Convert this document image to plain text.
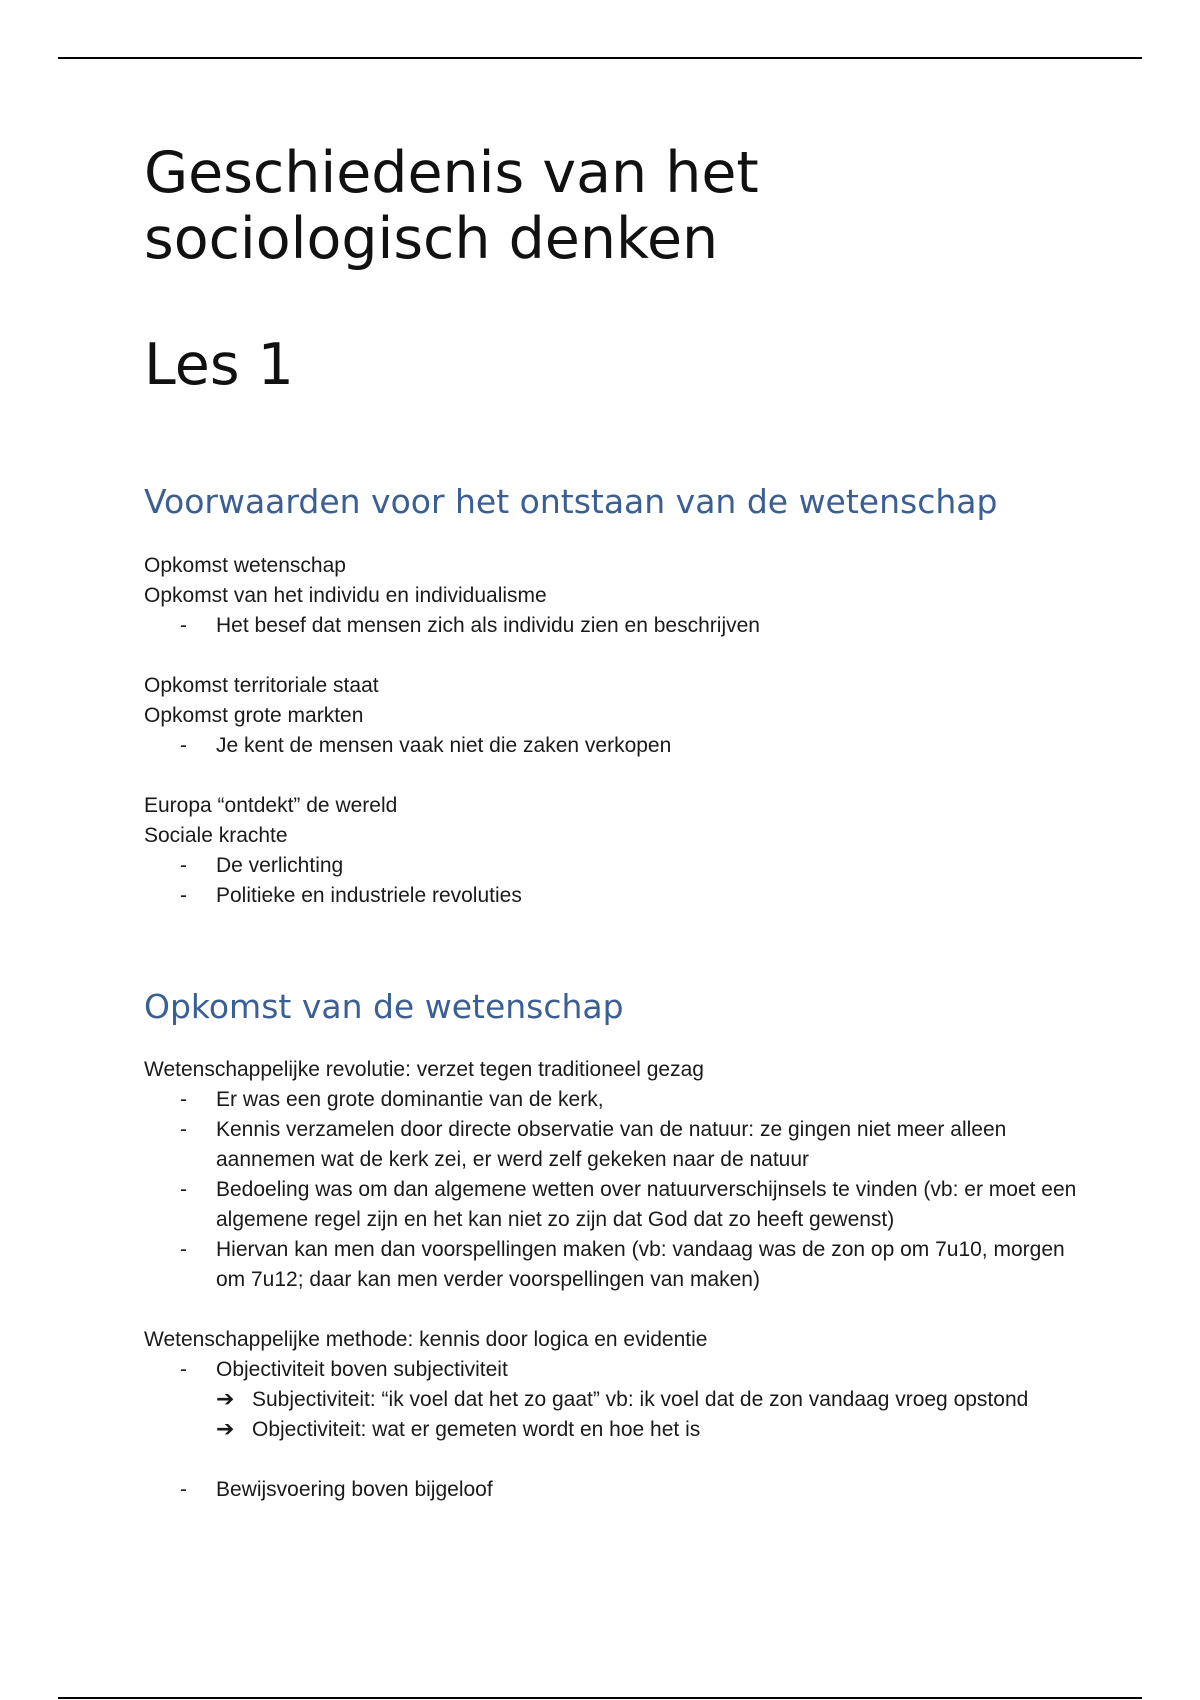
Geschiedenis van het
sociologisch denken
Les 1
Voorwaarden voor het ontstaan van de wetenschap
Opkomst wetenschap
Opkomst van het individu en individualisme
- Het besef dat mensen zich als individu zien en beschrijven
Opkomst territoriale staat
Opkomst grote markten
- Je kent de mensen vaak niet die zaken verkopen
Europa “ontdekt” de wereld
Sociale krachte
- De verlichting
- Politieke en industriele revoluties
Opkomst van de wetenschap
Wetenschappelijke revolutie: verzet tegen traditioneel gezag
- Er was een grote dominantie van de kerk,
- Kennis verzamelen door directe observatie van de natuur: ze gingen niet meer alleen aannemen wat de kerk zei, er werd zelf gekeken naar de natuur
- Bedoeling was om dan algemene wetten over natuurverschijnsels te vinden (vb: er moet een algemene regel zijn en het kan niet zo zijn dat God dat zo heeft gewenst)
- Hiervan kan men dan voorspellingen maken (vb: vandaag was de zon op om 7u10, morgen om 7u12; daar kan men verder voorspellingen van maken)
Wetenschappelijke methode: kennis door logica en evidentie
- Objectiviteit boven subjectiviteit
➔ Subjectiviteit: “ik voel dat het zo gaat” vb: ik voel dat de zon vandaag vroeg opstond
➔ Objectiviteit: wat er gemeten wordt en hoe het is
- Bewijsvoering boven bijgeloof
